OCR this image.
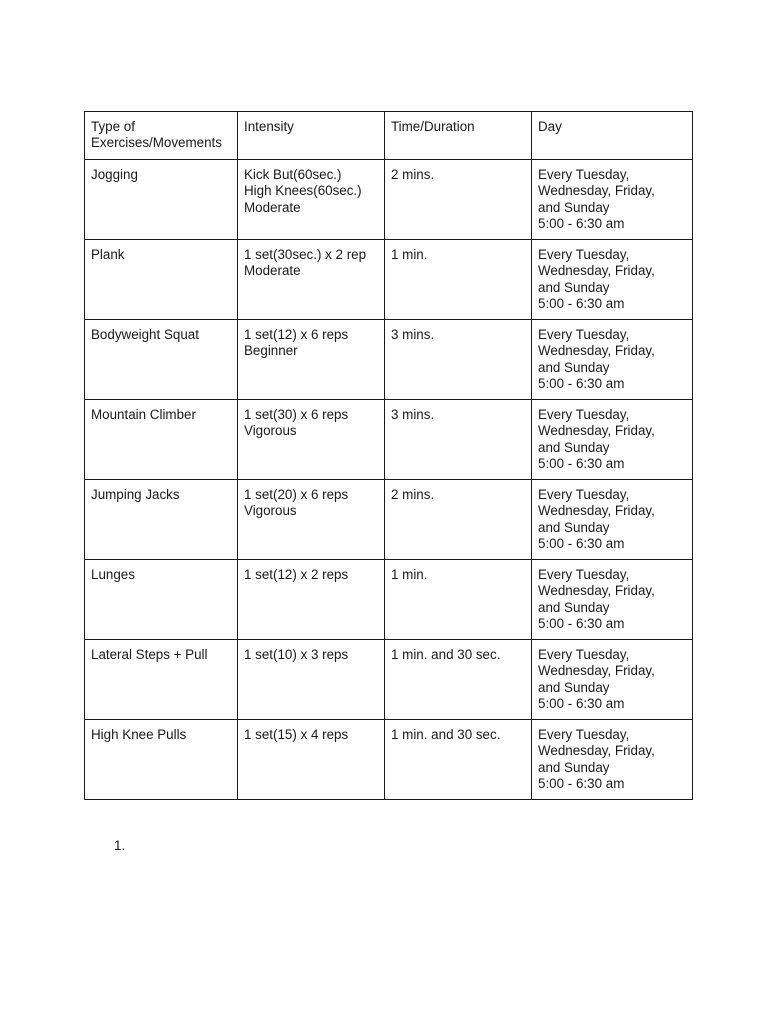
Type of
Exercises/Movements	Intensity	Time/Duration	Day
Jogging	Kick But(60sec.)
High Knees(60sec.)
Moderate	2 mins.	Every Tuesday,
Wednesday, Friday,
and Sunday
5:00 - 6:30 am
Plank	1 set(30sec.) x 2 rep
Moderate	1 min.	Every Tuesday,
Wednesday, Friday,
and Sunday
5:00 - 6:30 am
Bodyweight Squat	1 set(12) x 6 reps
Beginner	3 mins.	Every Tuesday,
Wednesday, Friday,
and Sunday
5:00 - 6:30 am
Mountain Climber	1 set(30) x 6 reps
Vigorous	3 mins.	Every Tuesday,
Wednesday, Friday,
and Sunday
5:00 - 6:30 am
Jumping Jacks	1 set(20) x 6 reps
Vigorous	2 mins.	Every Tuesday,
Wednesday, Friday,
and Sunday
5:00 - 6:30 am
Lunges	1 set(12) x 2 reps	1 min.	Every Tuesday,
Wednesday, Friday,
and Sunday
5:00 - 6:30 am
Lateral Steps + Pull	1 set(10) x 3 reps	1 min. and 30 sec.	Every Tuesday,
Wednesday, Friday,
and Sunday
5:00 - 6:30 am
High Knee Pulls	1 set(15) x 4 reps	1 min. and 30 sec.	Every Tuesday,
Wednesday, Friday,
and Sunday
5:00 - 6:30 am
1.
